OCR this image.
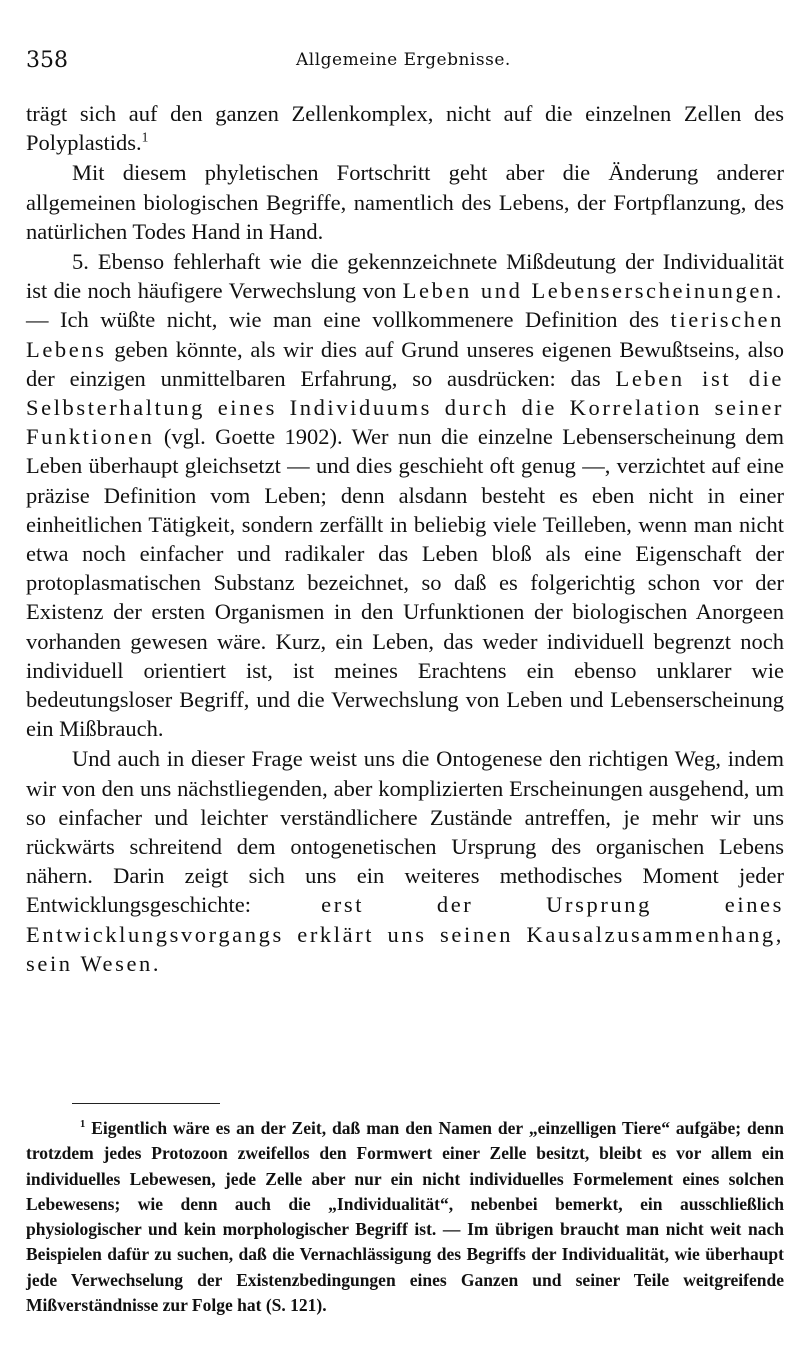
358	Allgemeine Ergebnisse.

trägt sich auf den ganzen Zellenkomplex, nicht auf die einzelnen Zellen des Polyplastids.$^1$

Mit diesem phyletischen Fortschritt geht aber die Änderung anderer allgemeinen biologischen Begriffe, namentlich des Lebens, der Fortpflanzung, des natürlichen Todes Hand in Hand.

5. Ebenso fehlerhaft wie die gekennzeichnete Mißdeutung der Individualität ist die noch häufigere Verwechslung von Leben und Lebenserscheinungen. — Ich wüßte nicht, wie man eine vollkommenere Definition des tierischen Lebens geben könnte, als wir dies auf Grund unseres eigenen Bewußtseins, also der einzigen unmittelbaren Erfahrung, so ausdrücken: das Leben ist die Selbsterhaltung eines Individuums durch die Korrelation seiner Funktionen (vgl. Goette 1902). Wer nun die einzelne Lebenserscheinung dem Leben überhaupt gleichsetzt — und dies geschieht oft genug —, verzichtet auf eine präzise Definition vom Leben; denn alsdann besteht es eben nicht in einer einheitlichen Tätigkeit, sondern zerfällt in beliebig viele Teilleben, wenn man nicht etwa noch einfacher und radikaler das Leben bloß als eine Eigenschaft der protoplasmatischen Substanz bezeichnet, so daß es folgerichtig schon vor der Existenz der ersten Organismen in den Urfunktionen der biologischen Anorgeen vorhanden gewesen wäre. Kurz, ein Leben, das weder individuell begrenzt noch individuell orientiert ist, ist meines Erachtens ein ebenso unklarer wie bedeutungsloser Begriff, und die Verwechslung von Leben und Lebenserscheinung ein Mißbrauch.

Und auch in dieser Frage weist uns die Ontogenese den richtigen Weg, indem wir von den uns nächstliegenden, aber komplizierten Erscheinungen ausgehend, um so einfacher und leichter verständlichere Zustände antreffen, je mehr wir uns rückwärts schreitend dem ontogenetischen Ursprung des organischen Lebens nähern. Darin zeigt sich uns ein weiteres methodisches Moment jeder Entwicklungsgeschichte: erst der Ursprung eines Entwicklungsvorgangs erklärt uns seinen Kausalzusammenhang, sein Wesen.

$^1$ Eigentlich wäre es an der Zeit, daß man den Namen der „einzelligen Tiere“ aufgäbe; denn trotzdem jedes Protozoon zweifellos den Formwert einer Zelle besitzt, bleibt es vor allem ein individuelles Lebewesen, jede Zelle aber nur ein nicht individuelles Formelement eines solchen Lebewesens; wie denn auch die „Individualität“, nebenbei bemerkt, ein ausschließlich physiologischer und kein morphologischer Begriff ist. — Im übrigen braucht man nicht weit nach Beispielen dafür zu suchen, daß die Vernachlässigung des Begriffs der Individualität, wie überhaupt jede Verwechselung der Existenzbedingungen eines Ganzen und seiner Teile weitgreifende Mißverständnisse zur Folge hat (S. 121).
